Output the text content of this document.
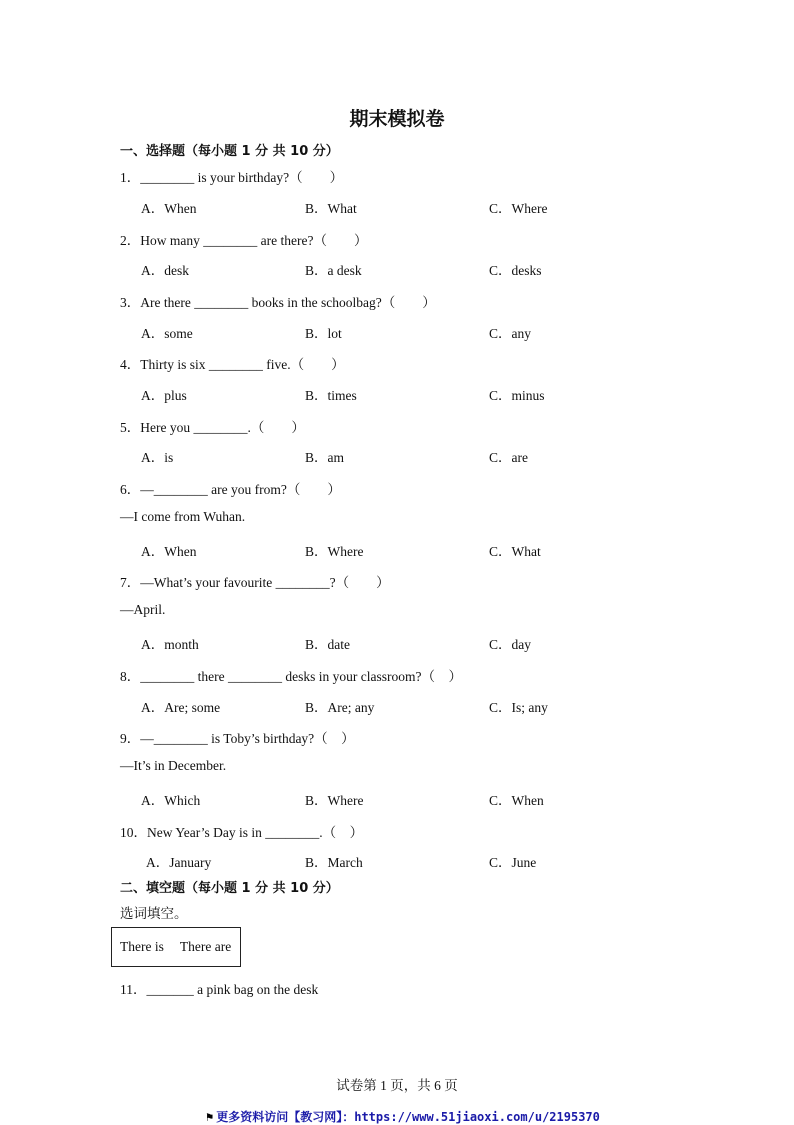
期末模拟卷
一、选择题（每小题 1 分 共 10 分）
1．________ is your birthday?（　　）
A．When	B．What	C．Where
2．How many ________ are there?（　　）
A．desk	B．a desk	C．desks
3．Are there ________ books in the schoolbag?（　　）
A．some	B．lot	C．any
4．Thirty is six ________ five.（　　）
A．plus	B．times	C．minus
5．Here you ________.（　　）
A．is	B．am	C．are
6．—________ are you from?（　　）
—I come from Wuhan.
A．When	B．Where	C．What
7．—What’s your favourite ________?（　　）
—April.
A．month	B．date	C．day
8．________ there ________ desks in your classroom?（　）
A．Are; some	B．Are; any	C．Is; any
9．—________ is Toby’s birthday?（　）
—It’s in December.
A．Which	B．Where	C．When
10．New Year’s Day is in ________.（　）
A．January	B．March	C．June
二、填空题（每小题 1 分 共 10 分）
选词填空。
There is There are
11．_______ a pink bag on the desk
试卷第 1 页，共 6 页
⚑ 更多资料访问【教习网】：https://www.51jiaoxi.com/u/2195370
